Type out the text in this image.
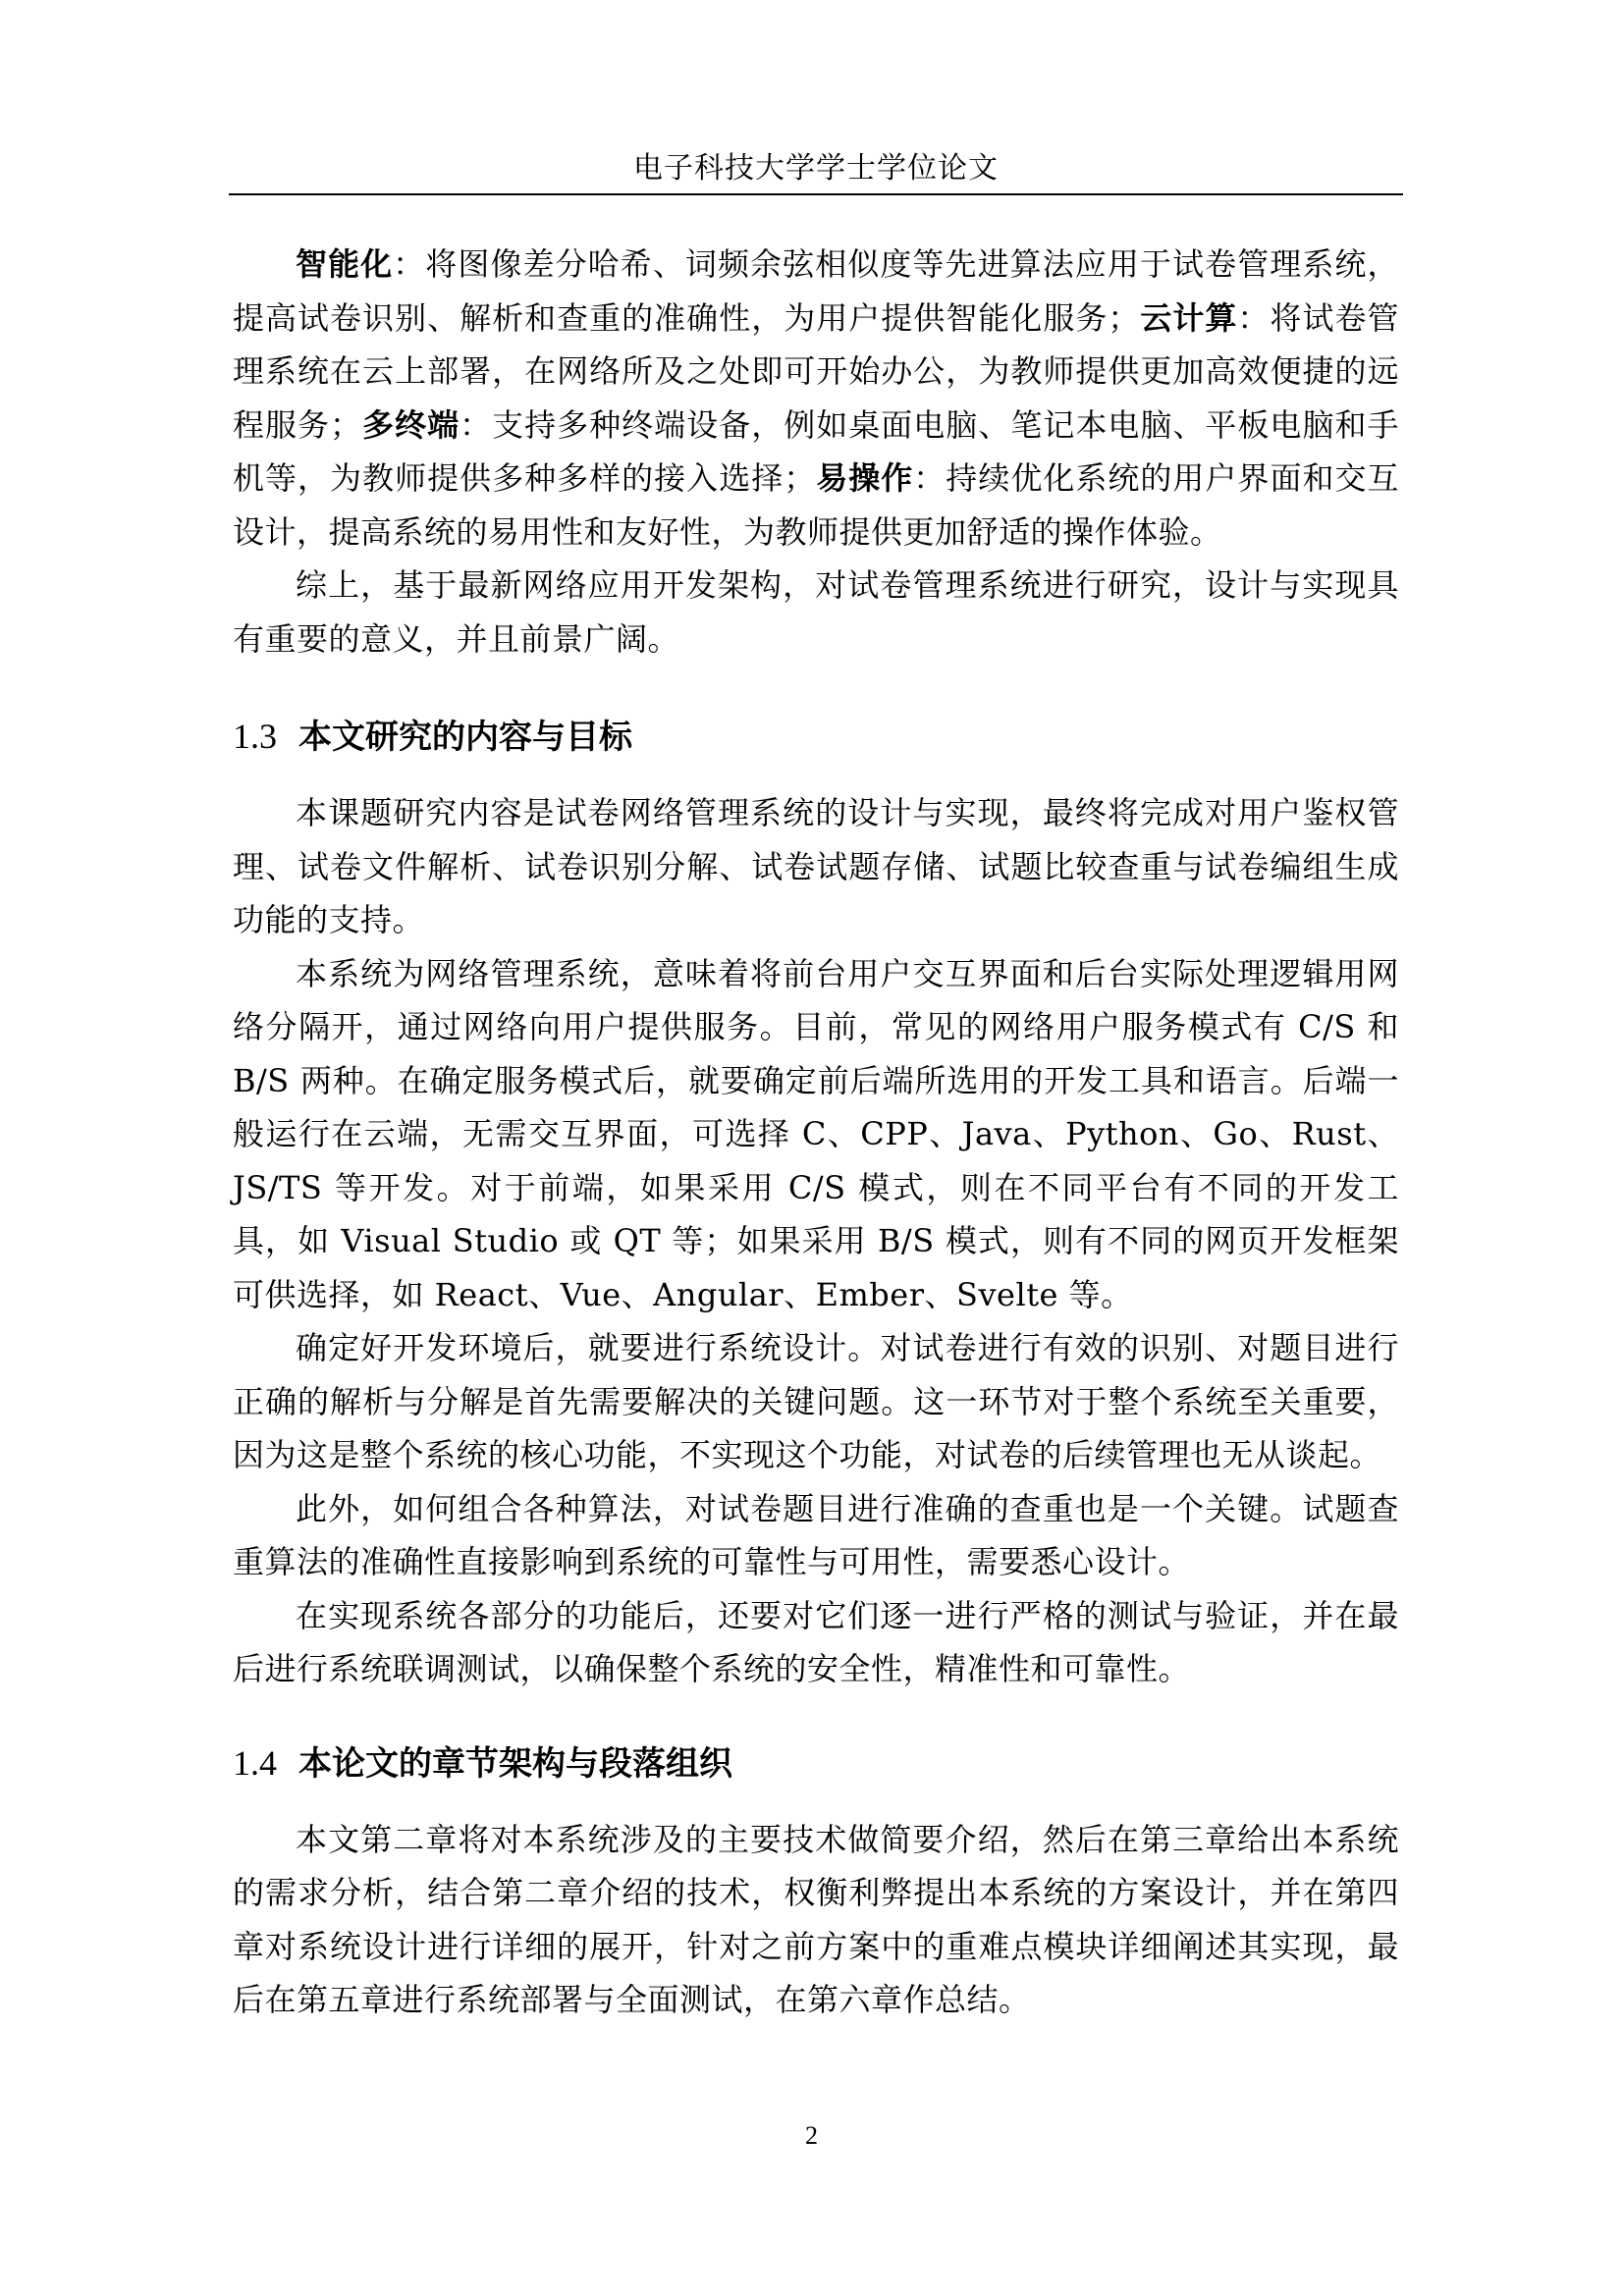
电子科技大学学士学位论文

智能化：将图像差分哈希、词频余弦相似度等先进算法应用于试卷管理系统，提高试卷识别、解析和查重的准确性，为用户提供智能化服务；云计算：将试卷管理系统在云上部署，在网络所及之处即可开始办公，为教师提供更加高效便捷的远程服务；多终端：支持多种终端设备，例如桌面电脑、笔记本电脑、平板电脑和手机等，为教师提供多种多样的接入选择；易操作：持续优化系统的用户界面和交互设计，提高系统的易用性和友好性，为教师提供更加舒适的操作体验。

综上，基于最新网络应用开发架构，对试卷管理系统进行研究，设计与实现具有重要的意义，并且前景广阔。

1.3 本文研究的内容与目标

本课题研究内容是试卷网络管理系统的设计与实现，最终将完成对用户鉴权管理、试卷文件解析、试卷识别分解、试卷试题存储、试题比较查重与试卷编组生成功能的支持。

本系统为网络管理系统，意味着将前台用户交互界面和后台实际处理逻辑用网络分隔开，通过网络向用户提供服务。目前，常见的网络用户服务模式有 C/S 和 B/S 两种。在确定服务模式后，就要确定前后端所选用的开发工具和语言。后端一般运行在云端，无需交互界面，可选择 C、CPP、Java、Python、Go、Rust、JS/TS 等开发。对于前端，如果采用 C/S 模式，则在不同平台有不同的开发工具，如 Visual Studio 或 QT 等；如果采用 B/S 模式，则有不同的网页开发框架可供选择，如 React、Vue、Angular、Ember、Svelte 等。

确定好开发环境后，就要进行系统设计。对试卷进行有效的识别、对题目进行正确的解析与分解是首先需要解决的关键问题。这一环节对于整个系统至关重要，因为这是整个系统的核心功能，不实现这个功能，对试卷的后续管理也无从谈起。

此外，如何组合各种算法，对试卷题目进行准确的查重也是一个关键。试题查重算法的准确性直接影响到系统的可靠性与可用性，需要悉心设计。

在实现系统各部分的功能后，还要对它们逐一进行严格的测试与验证，并在最后进行系统联调测试，以确保整个系统的安全性，精准性和可靠性。

1.4 本论文的章节架构与段落组织

本文第二章将对本系统涉及的主要技术做简要介绍，然后在第三章给出本系统的需求分析，结合第二章介绍的技术，权衡利弊提出本系统的方案设计，并在第四章对系统设计进行详细的展开，针对之前方案中的重难点模块详细阐述其实现，最后在第五章进行系统部署与全面测试，在第六章作总结。

2
